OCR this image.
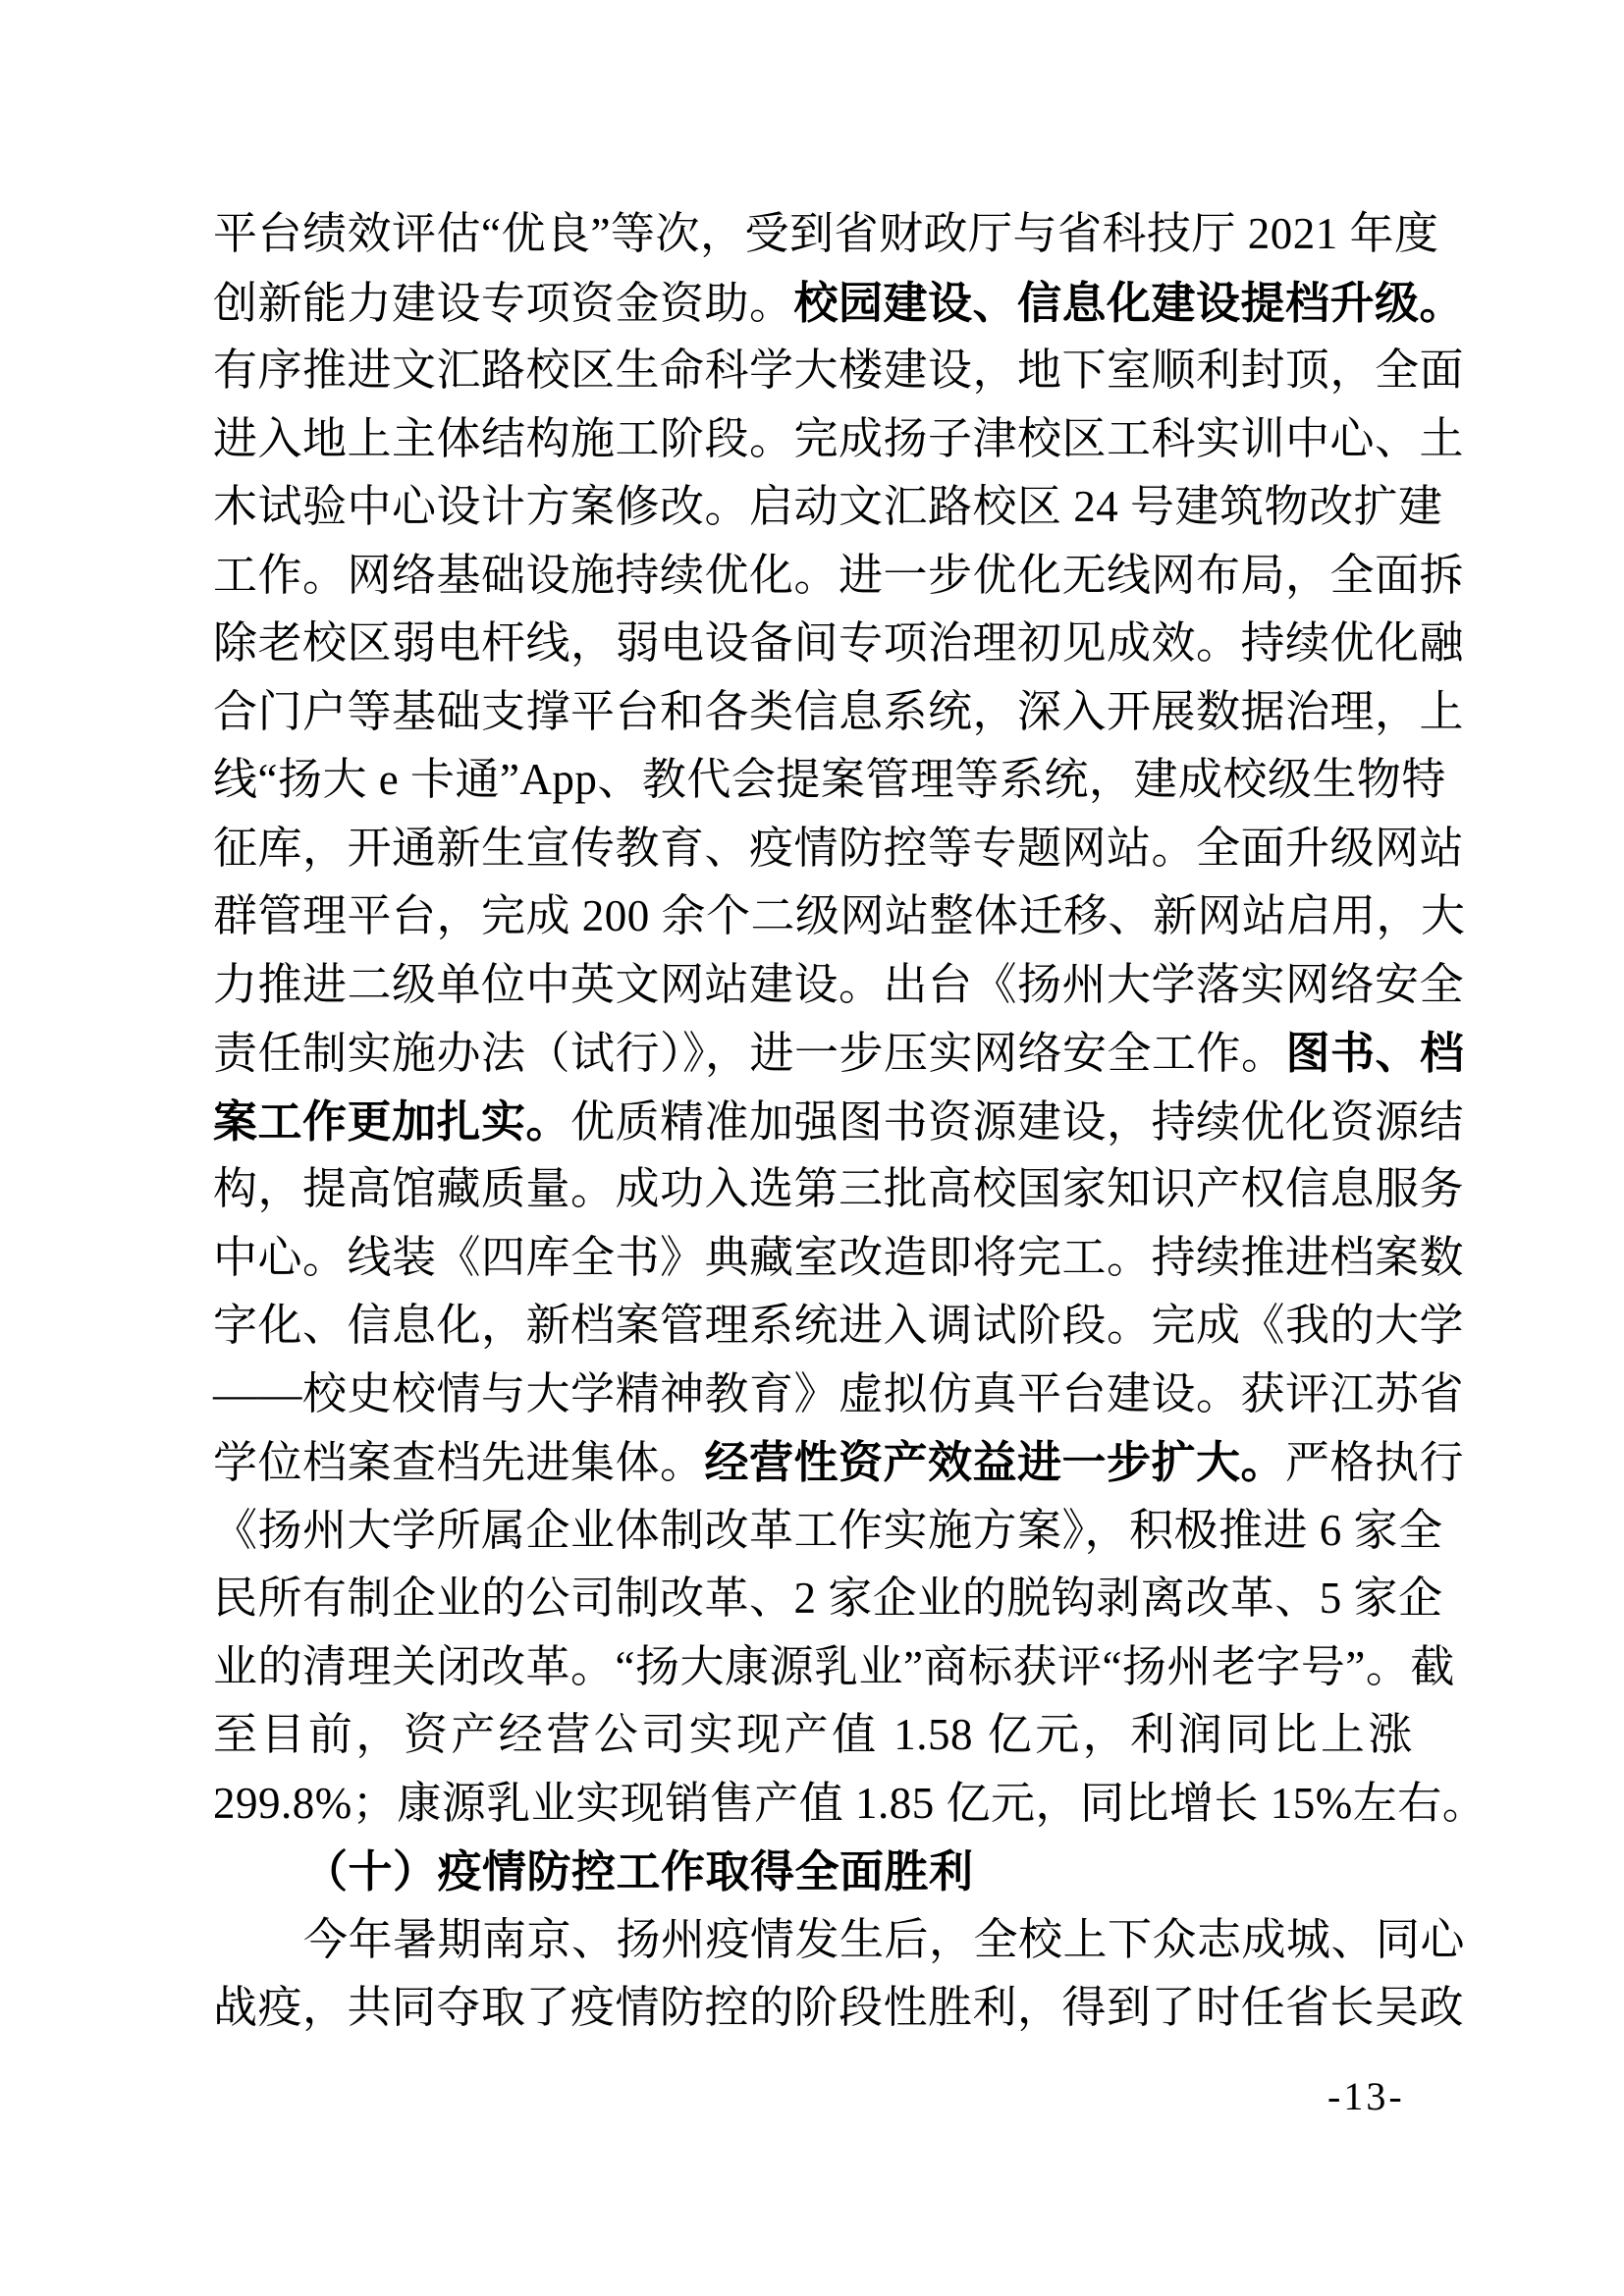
平台绩效评估“优良”等次，受到省财政厅与省科技厅 2021 年度
创新能力建设专项资金资助。校园建设、信息化建设提档升级。
有序推进文汇路校区生命科学大楼建设，地下室顺利封顶，全面
进入地上主体结构施工阶段。完成扬子津校区工科实训中心、土
木试验中心设计方案修改。启动文汇路校区 24 号建筑物改扩建
工作。网络基础设施持续优化。进一步优化无线网布局，全面拆
除老校区弱电杆线，弱电设备间专项治理初见成效。持续优化融
合门户等基础支撑平台和各类信息系统，深入开展数据治理，上
线“扬大 e 卡通”App、教代会提案管理等系统，建成校级生物特
征库，开通新生宣传教育、疫情防控等专题网站。全面升级网站
群管理平台，完成 200 余个二级网站整体迁移、新网站启用，大
力推进二级单位中英文网站建设。出台《扬州大学落实网络安全
责任制实施办法（试行）》，进一步压实网络安全工作。图书、档
案工作更加扎实。优质精准加强图书资源建设，持续优化资源结
构，提高馆藏质量。成功入选第三批高校国家知识产权信息服务
中心。线装《四库全书》典藏室改造即将完工。持续推进档案数
字化、信息化，新档案管理系统进入调试阶段。完成《我的大学
——校史校情与大学精神教育》虚拟仿真平台建设。获评江苏省
学位档案查档先进集体。经营性资产效益进一步扩大。严格执行
《扬州大学所属企业体制改革工作实施方案》，积极推进 6 家全
民所有制企业的公司制改革、2 家企业的脱钩剥离改革、5 家企
业的清理关闭改革。“扬大康源乳业”商标获评“扬州老字号”。截
至目前，资产经营公司实现产值 1.58 亿元，利润同比上涨
299.8%；康源乳业实现销售产值 1.85 亿元，同比增长 15%左右。
（十）疫情防控工作取得全面胜利
今年暑期南京、扬州疫情发生后，全校上下众志成城、同心
战疫，共同夺取了疫情防控的阶段性胜利，得到了时任省长吴政
-13-
